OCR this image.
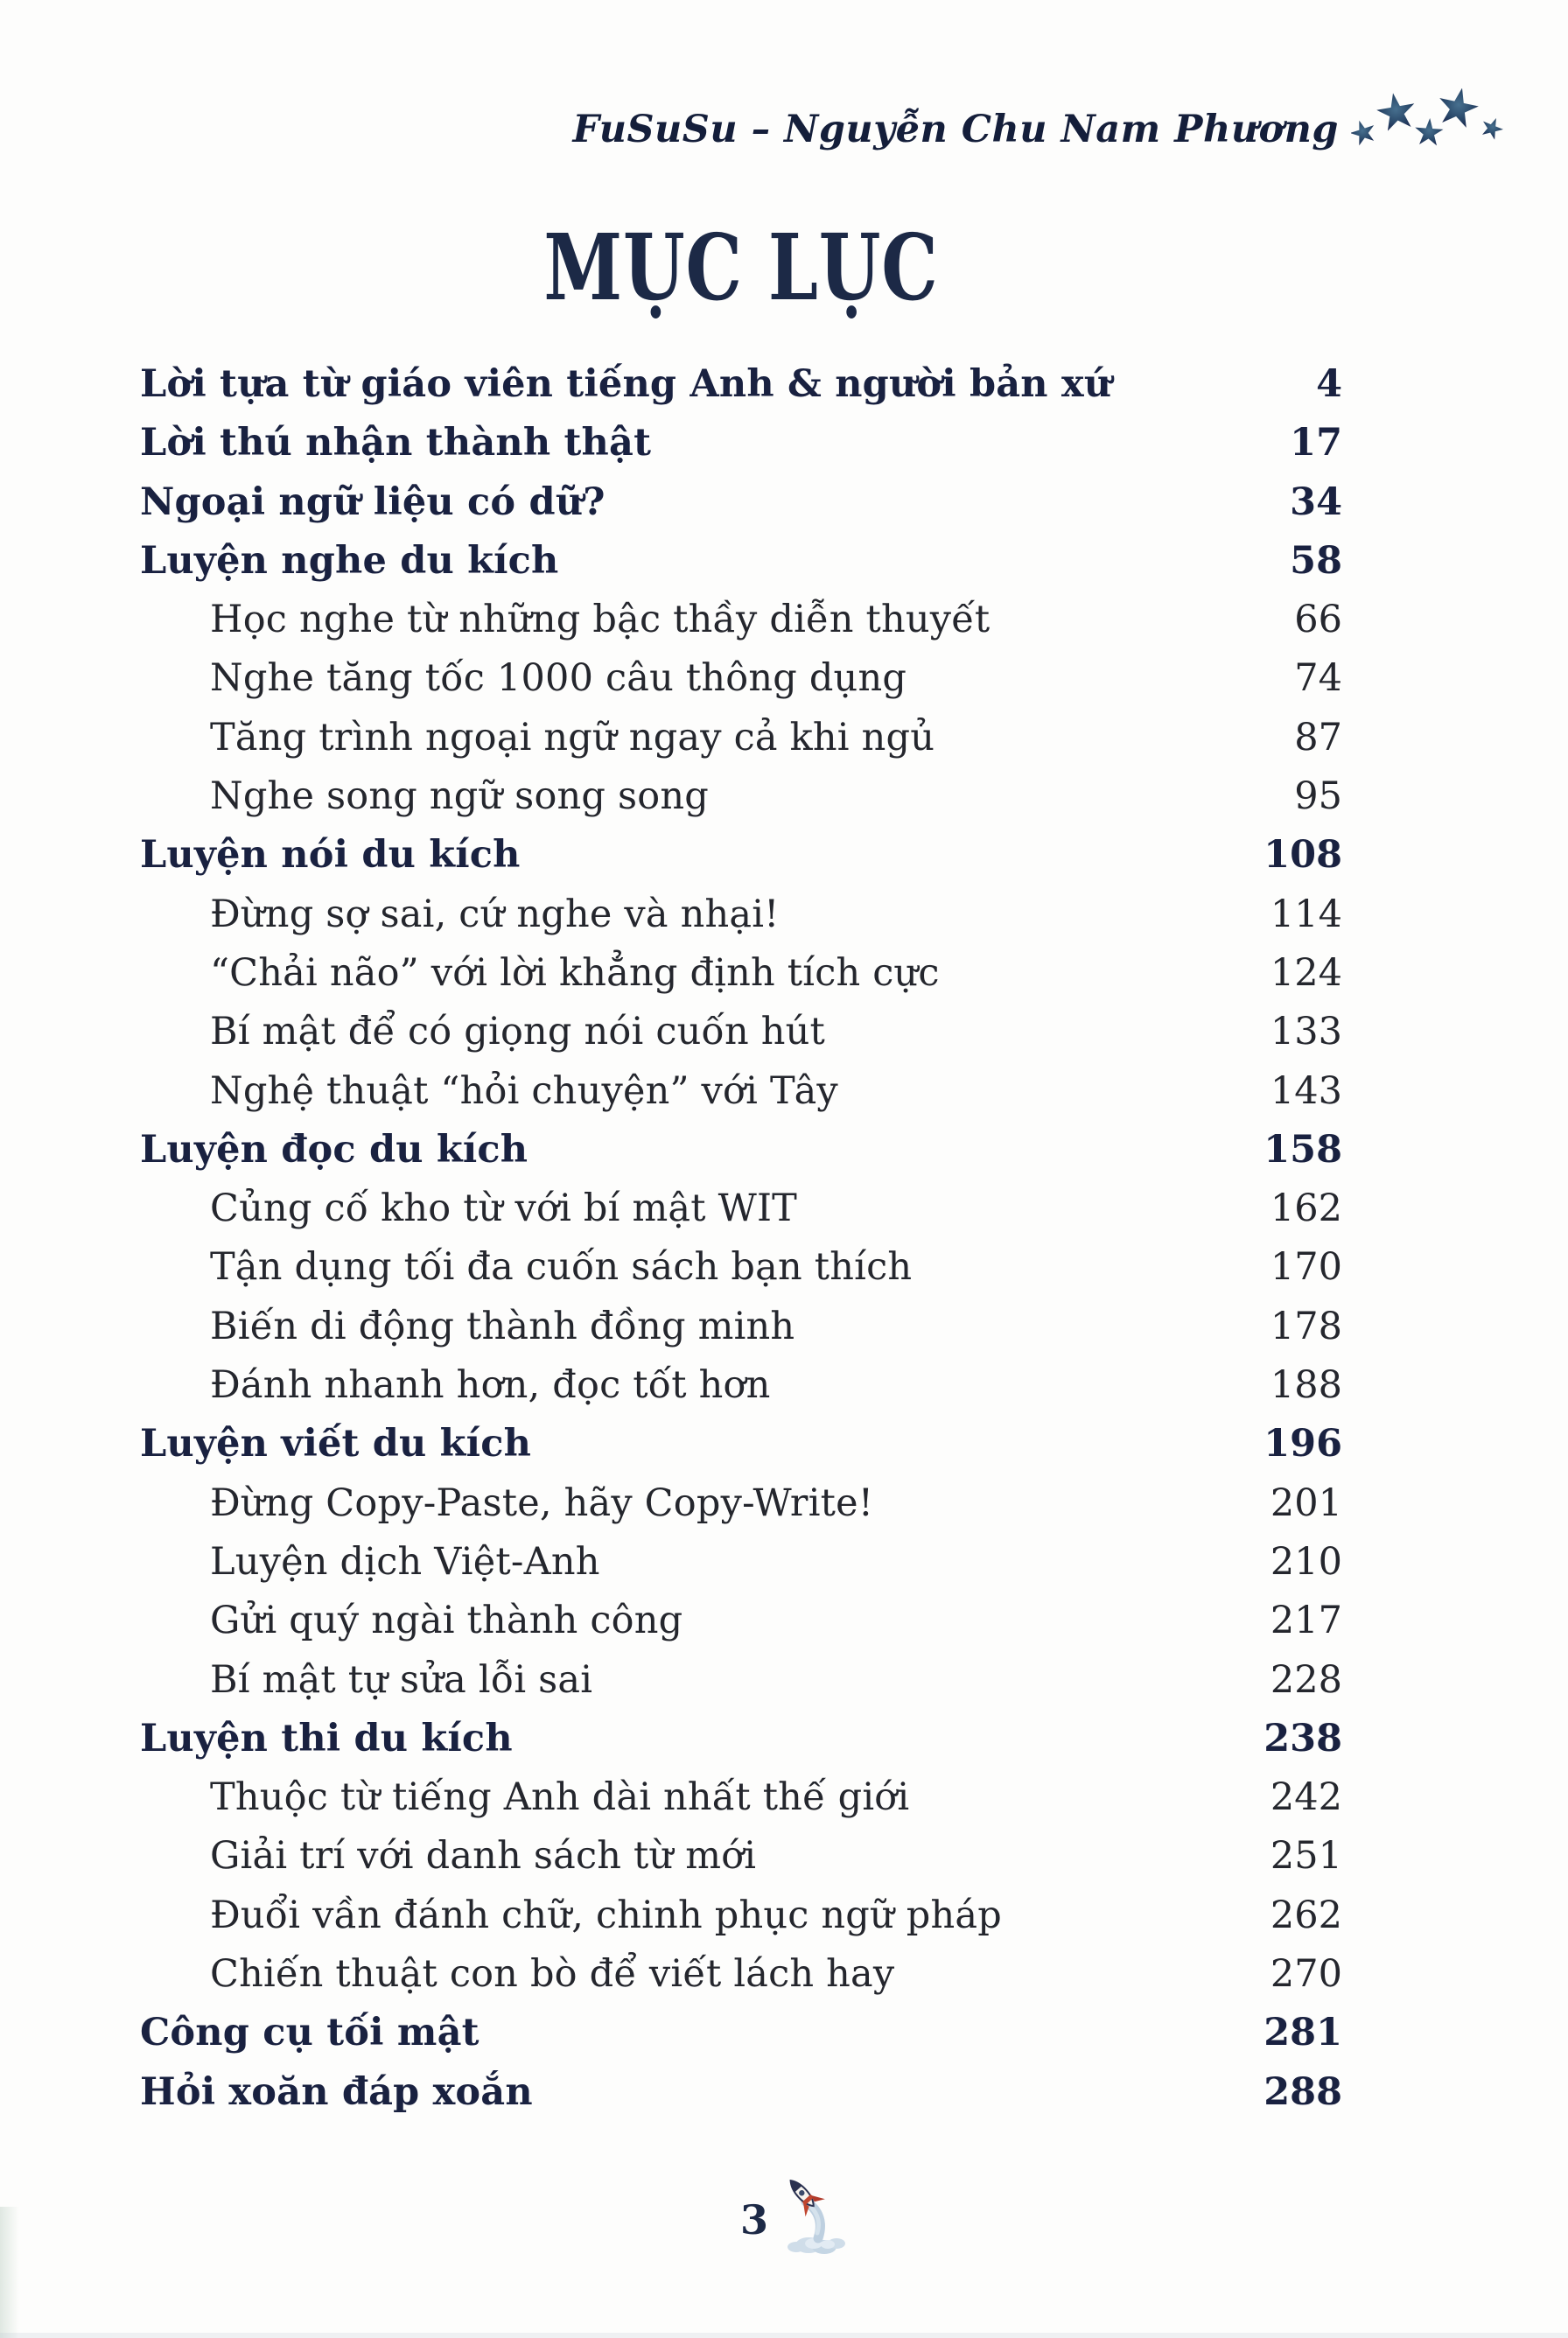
FuSuSu – Nguyễn Chu Nam Phương
MỤC LỤC
Lời tựa từ giáo viên tiếng Anh & người bản xứ	4
Lời thú nhận thành thật	17
Ngoại ngữ liệu có dữ?	34
Luyện nghe du kích	58
Học nghe từ những bậc thầy diễn thuyết	66
Nghe tăng tốc 1000 câu thông dụng	74
Tăng trình ngoại ngữ ngay cả khi ngủ	87
Nghe song ngữ song song	95
Luyện nói du kích	108
Đừng sợ sai, cứ nghe và nhại!	114
“Chải não” với lời khẳng định tích cực	124
Bí mật để có giọng nói cuốn hút	133
Nghệ thuật “hỏi chuyện” với Tây	143
Luyện đọc du kích	158
Củng cố kho từ với bí mật WIT	162
Tận dụng tối đa cuốn sách bạn thích	170
Biến di động thành đồng minh	178
Đánh nhanh hơn, đọc tốt hơn	188
Luyện viết du kích	196
Đừng Copy-Paste, hãy Copy-Write!	201
Luyện dịch Việt-Anh	210
Gửi quý ngài thành công	217
Bí mật tự sửa lỗi sai	228
Luyện thi du kích	238
Thuộc từ tiếng Anh dài nhất thế giới	242
Giải trí với danh sách từ mới	251
Đuổi vần đánh chữ, chinh phục ngữ pháp	262
Chiến thuật con bò để viết lách hay	270
Công cụ tối mật	281
Hỏi xoăn đáp xoắn	288
3
